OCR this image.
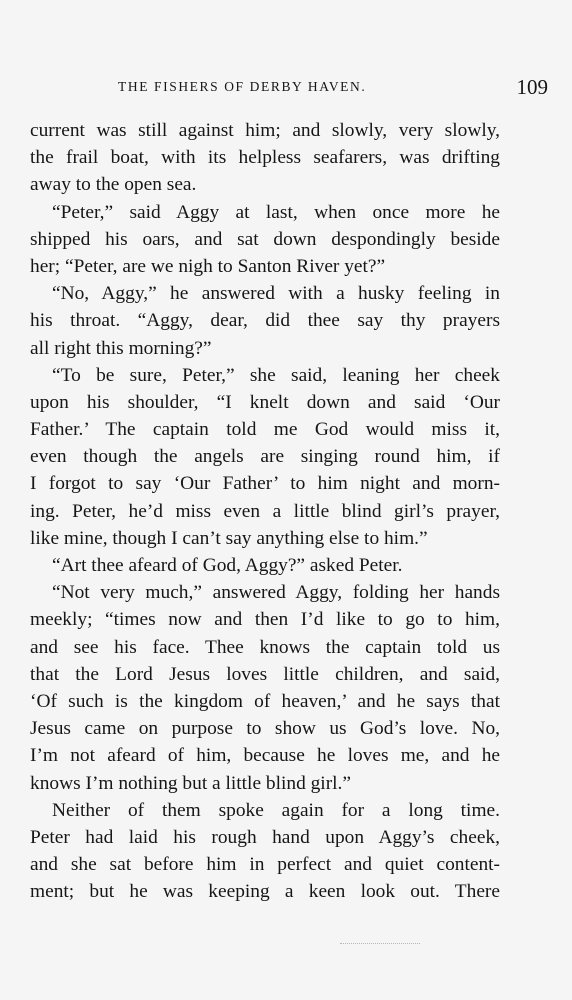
THE FISHERS OF DERBY HAVEN.	109
current was still against him; and slowly, very slowly,
the frail boat, with its helpless seafarers, was drifting
away to the open sea.
“Peter,” said Aggy at last, when once more he
shipped his oars, and sat down despondingly beside
her; “Peter, are we nigh to Santon River yet?”
“No, Aggy,” he answered with a husky feeling in
his throat. “Aggy, dear, did thee say thy prayers
all right this morning?”
“To be sure, Peter,” she said, leaning her cheek
upon his shoulder, “I knelt down and said ‘Our
Father.’ The captain told me God would miss it,
even though the angels are singing round him, if
I forgot to say ‘Our Father’ to him night and morn-
ing. Peter, he’d miss even a little blind girl’s prayer,
like mine, though I can’t say anything else to him.”
“Art thee afeard of God, Aggy?” asked Peter.
“Not very much,” answered Aggy, folding her hands
meekly; “times now and then I’d like to go to him,
and see his face. Thee knows the captain told us
that the Lord Jesus loves little children, and said,
‘Of such is the kingdom of heaven,’ and he says that
Jesus came on purpose to show us God’s love. No,
I’m not afeard of him, because he loves me, and he
knows I’m nothing but a little blind girl.”
Neither of them spoke again for a long time.
Peter had laid his rough hand upon Aggy’s cheek,
and she sat before him in perfect and quiet content-
ment; but he was keeping a keen look out. There
